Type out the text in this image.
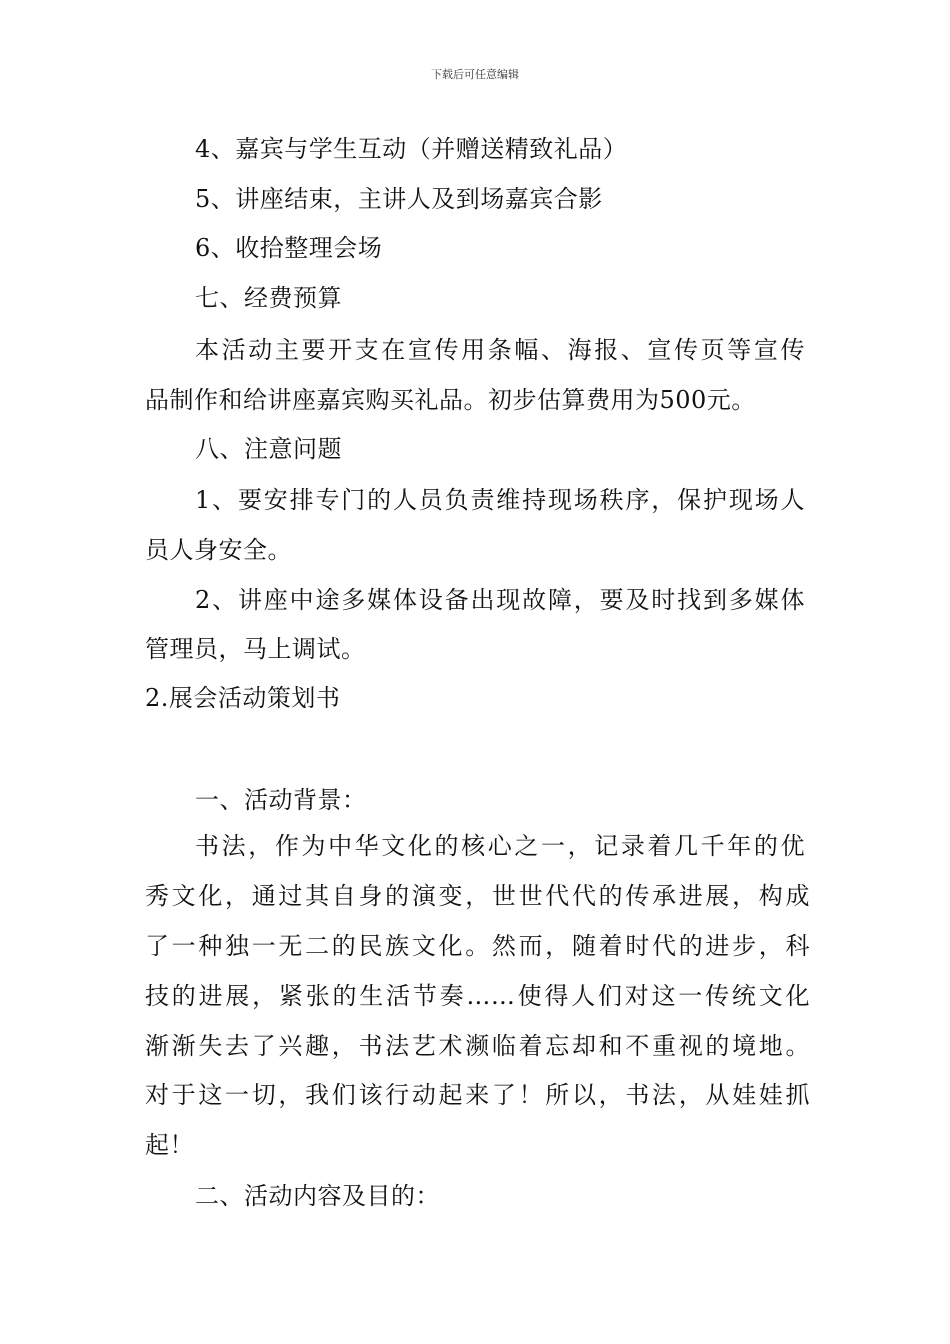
下载后可任意编辑
4、嘉宾与学生互动（并赠送精致礼品）
5、讲座结束，主讲人及到场嘉宾合影
6、收拾整理会场
七、经费预算
本活动主要开支在宣传用条幅、海报、宣传页等宣传
品制作和给讲座嘉宾购买礼品。初步估算费用为500元。
八、注意问题
1、要安排专门的人员负责维持现场秩序，保护现场人
员人身安全。
2、讲座中途多媒体设备出现故障，要及时找到多媒体
管理员，马上调试。
2.展会活动策划书
一、活动背景：
书法，作为中华文化的核心之一，记录着几千年的优
秀文化，通过其自身的演变，世世代代的传承进展，构成
了一种独一无二的民族文化。然而，随着时代的进步，科
技的进展，紧张的生活节奏……使得人们对这一传统文化
渐渐失去了兴趣，书法艺术濒临着忘却和不重视的境地。
对于这一切，我们该行动起来了！所以，书法，从娃娃抓
起！
二、活动内容及目的：
